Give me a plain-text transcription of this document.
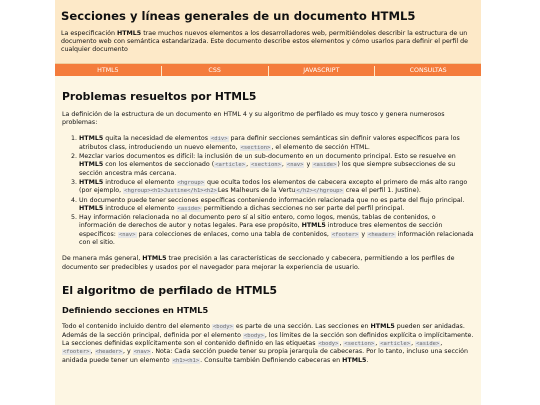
Secciones y líneas generales de un documento HTML5

La especificación HTML5 trae muchos nuevos elementos a los desarrolladores web, permitiéndoles describir la estructura de un documento web con semántica estandarizada. Este documento describe estos elementos y cómo usarlos para definir el perfil de cualquier documento

HTML5	CSS	JAVASCRIPT	CONSULTAS
Problemas resueltos por HTML5

La definición de la estructura de un documento en HTML 4 y su algoritmo de perfilado es muy tosco y genera numerosos problemas:

1. HTML5 quita la necesidad de elementos <div> para definir secciones semánticas sin definir valores específicos para los atributos class, introduciendo un nuevo elemento, <section>, el elemento de sección HTML.
2. Mezclar varios documentos es difícil: la inclusión de un sub-documento en un documento principal. Esto se resuelve en HTML5 con los elementos de seccionado (<article>, <section>, <nav> y <aside>) los que siempre subsecciones de su sección ancestra más cercana.
3. HTML5 introduce el elemento <hgroup> que oculta todos los elementos de cabecera excepto el primero de más alto rango (por ejemplo, <hgroup><h1>Justine</h1><h2>Les Malheurs de la Vertu</h2></hgroup> crea el perfil 1. Justine).
4. Un documento puede tener secciones específicas conteniendo información relacionada que no es parte del flujo principal. HTML5 introduce el elemento <aside> permitiendo a dichas secciones no ser parte del perfil principal.
5. Hay información relacionada no al documento pero sí al sitio entero, como logos, menús, tablas de contenidos, o información de derechos de autor y notas legales. Para ese propósito, HTML5 introduce tres elementos de sección específicos: <nav> para colecciones de enlaces, como una tabla de contenidos, <footer> y <header> información relacionada con el sitio.

De manera más general, HTML5 trae precisión a las características de seccionado y cabecera, permitiendo a los perfiles de documento ser predecibles y usados por el navegador para mejorar la experiencia de usuario.

El algoritmo de perfilado de HTML5
Definiendo secciones en HTML5

Todo el contenido incluido dentro del elemento <body> es parte de una sección. Las secciones en HTML5 pueden ser anidadas. Además de la sección principal, definida por el elemento <body>, los límites de la sección son definidos explícita o implícitamente. La secciones definidas explícitamente son el contenido definido en las etiquetas <body>, <section>, <article>, <aside>, <footer>, <header>, y <nav>. Nota: Cada sección puede tener su propia jerarquía de cabeceras. Por lo tanto, incluso una sección anidada puede tener un elemento <h1><h1>. Consulte también Definiendo cabeceras en HTML5.
